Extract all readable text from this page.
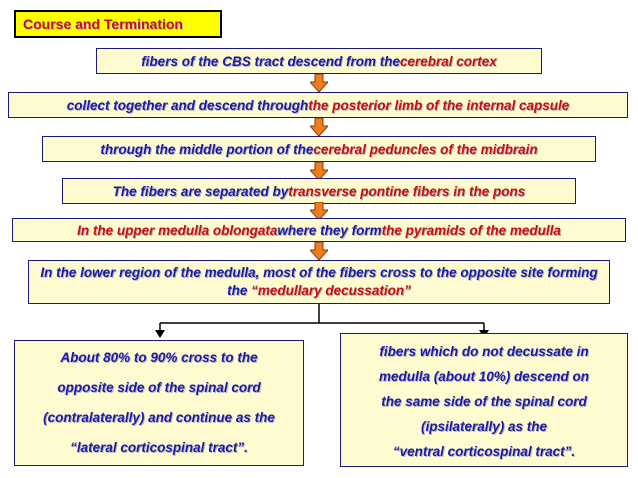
Course and Termination
fibers of the CBS tract descend from the cerebral cortex
collect together and descend through the posterior limb of the internal capsule
through the middle portion of the cerebral peduncles of the midbrain
The fibers are separated by transverse pontine fibers in the pons
In the upper medulla oblongata where they form the pyramids of the medulla
In the lower region of the medulla, most of the fibers cross to the opposite site forming the “medullary decussation”
About 80% to 90% cross to the
opposite side of the spinal cord
(contralaterally) and continue as the
“lateral corticospinal tract”.
fibers which do not decussate in
medulla (about 10%) descend on
the same side of the spinal cord
(ipsilaterally) as the
“ventral corticospinal tract”.
